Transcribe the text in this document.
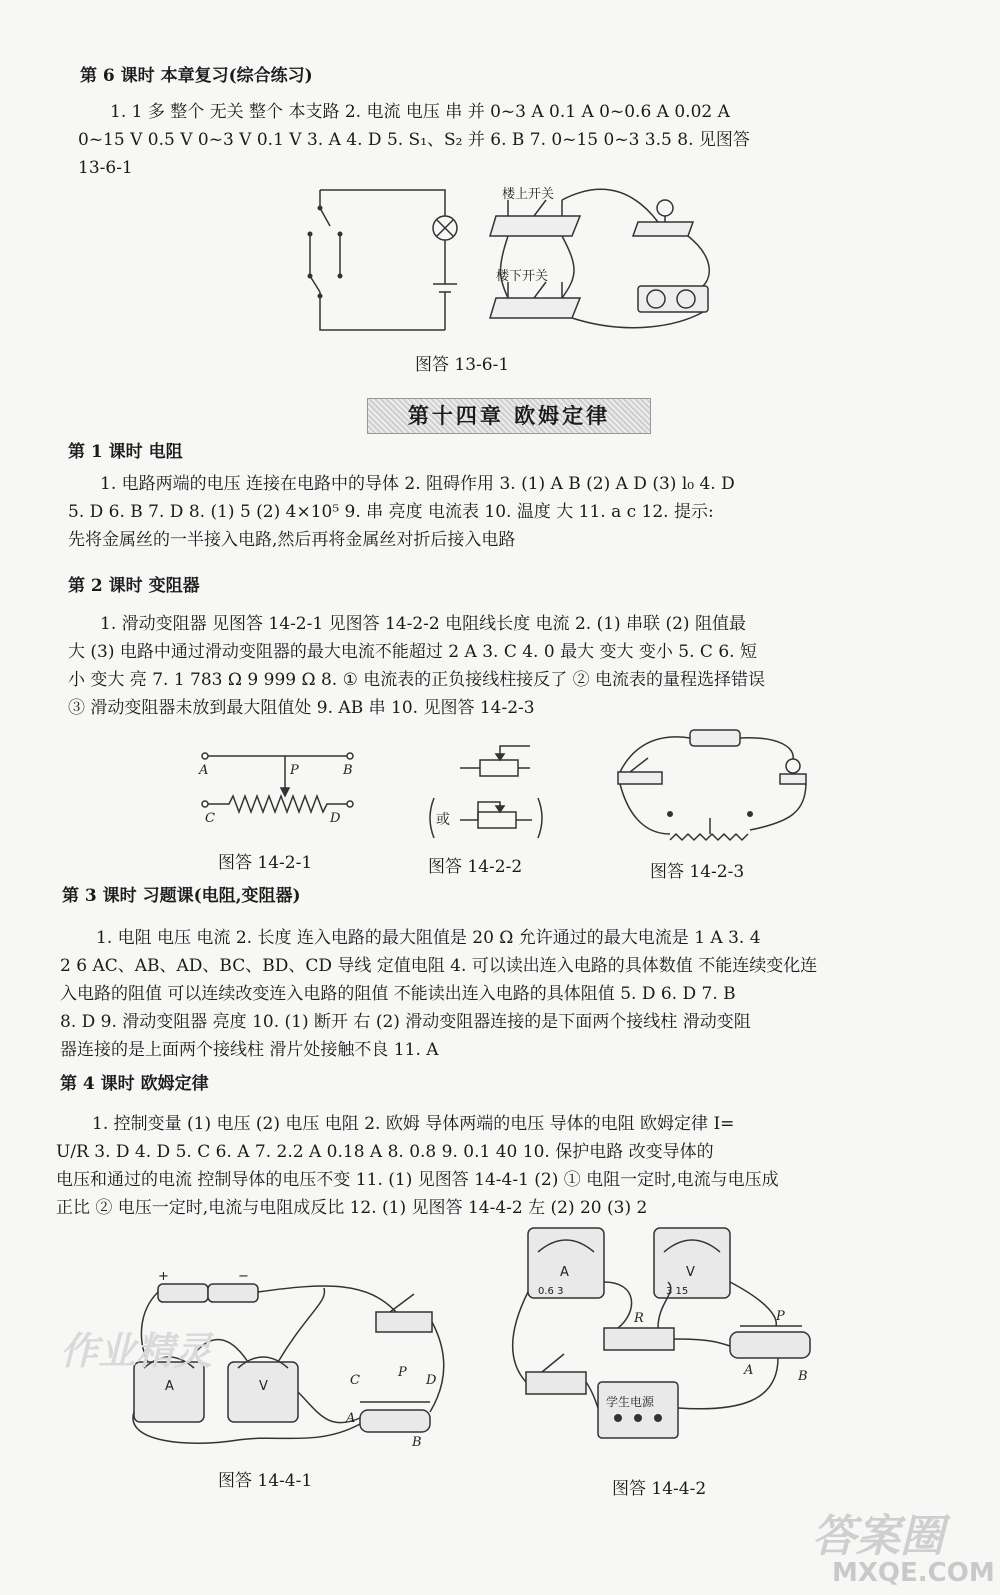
第 6 课时 本章复习(综合练习)
1. 1 多 整个 无关 整个 本支路 2. 电流 电压 串 并 0~3 A 0.1 A 0~0.6 A 0.02 A
0~15 V 0.5 V 0~3 V 0.1 V 3. A 4. D 5. S₁、S₂ 并 6. B 7. 0~15 0~3 3.5 8. 见图答
13-6-1
楼上开关
楼下开关
图答 13-6-1
第十四章 欧姆定律
第 1 课时 电阻
1. 电路两端的电压 连接在电路中的导体 2. 阻碍作用 3. (1) A B (2) A D (3) l₀ 4. D
5. D 6. B 7. D 8. (1) 5 (2) 4×10⁵ 9. 串 亮度 电流表 10. 温度 大 11. a c 12. 提示:
先将金属丝的一半接入电路,然后再将金属丝对折后接入电路
第 2 课时 变阻器
1. 滑动变阻器 见图答 14-2-1 见图答 14-2-2 电阻线长度 电流 2. (1) 串联 (2) 阻值最
大 (3) 电路中通过滑动变阻器的最大电流不能超过 2 A 3. C 4. 0 最大 变大 变小 5. C 6. 短
小 变大 亮 7. 1 783 Ω 9 999 Ω 8. ① 电流表的正负接线柱接反了 ② 电流表的量程选择错误
③ 滑动变阻器未放到最大阻值处 9. AB 串 10. 见图答 14-2-3
A	B
P
C	D
图答 14-2-1
或
图答 14-2-2	图答 14-2-3
第 3 课时 习题课(电阻,变阻器)
1. 电阻 电压 电流 2. 长度 连入电路的最大阻值是 20 Ω 允许通过的最大电流是 1 A 3. 4
2 6 AC、AB、AD、BC、BD、CD 导线 定值电阻 4. 可以读出连入电路的具体数值 不能连续变化连
入电路的阻值 可以连续改变连入电路的阻值 不能读出连入电路的具体阻值 5. D 6. D 7. B
8. D 9. 滑动变阻器 亮度 10. (1) 断开 右 (2) 滑动变阻器连接的是下面两个接线柱 滑动变阻
器连接的是上面两个接线柱 滑片处接触不良 11. A
第 4 课时 欧姆定律
1. 控制变量 (1) 电压 (2) 电压 电阻 2. 欧姆 导体两端的电压 导体的电阻 欧姆定律 I=
U/R 3. D 4. D 5. C 6. A 7. 2.2 A 0.18 A 8. 0.8 9. 0.1 40 10. 保护电路 改变导体的
电压和通过的电流 控制导体的电压不变 11. (1) 见图答 14-4-1 (2) ① 电阻一定时,电流与电压成
正比 ② 电压一定时,电流与电阻成反比 12. (1) 见图答 14-4-2 左 (2) 20 (3) 2
+	−
A	V	C
P
D
A
B
图答 14-4-1
A	V
0.6 3	3 15
学生电源
R	P
A	B
图答 14-4-2
作业精灵
答案圈
MXQE.COM
